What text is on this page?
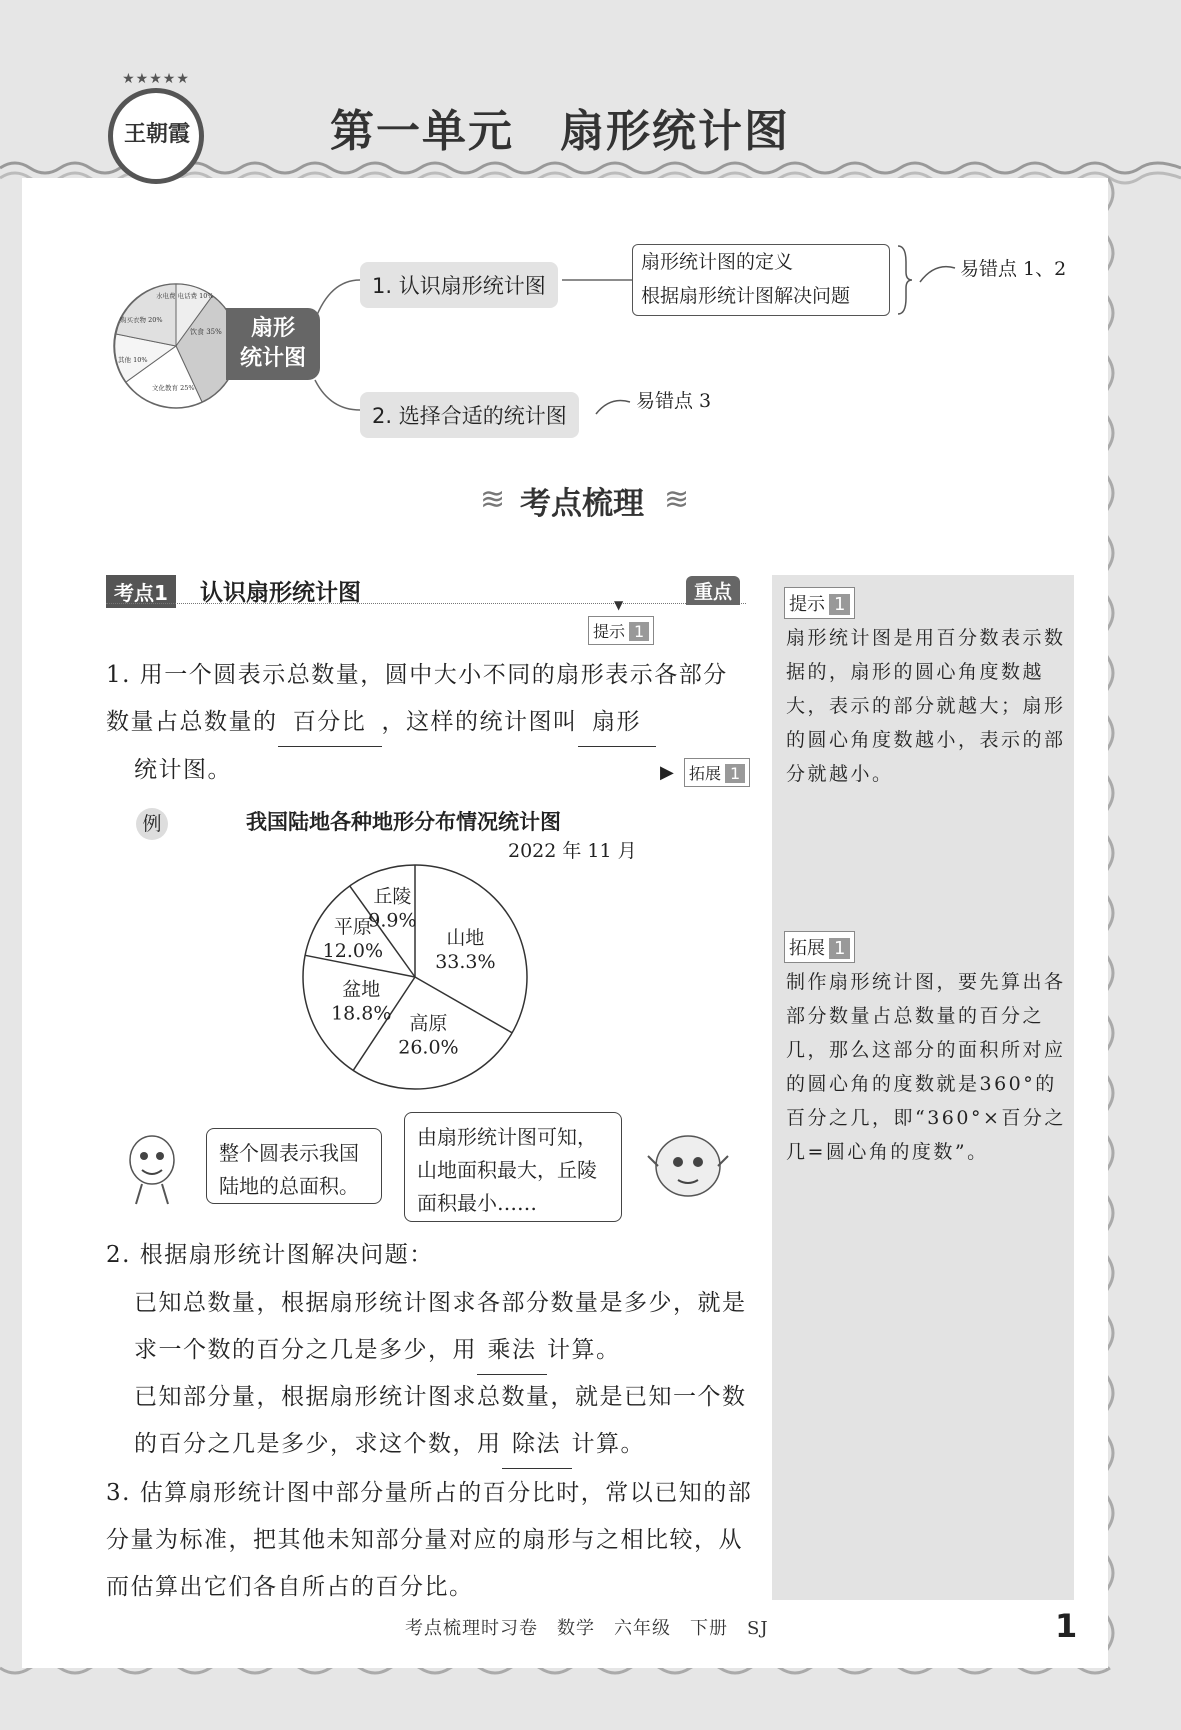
★★★★★
王朝霞	第一单元　扇形统计图
水电费 电话费 10%
饮食 35%
购买衣物 20%
其他 10%
文化教育 25%
扇形
统计图
1. 认识扇形统计图
扇形统计图的定义
根据扇形统计图解决问题
易错点 1、2
2. 选择合适的统计图
易错点 3
≋ 考点梳理 ≋
考点1	认识扇形统计图	重点
▼
提示 1
1. 用一个圆表示总数量，圆中大小不同的扇形表示各部分数量占总数量的 百分比 ，这样的统计图叫 扇形
统计图。	▶ 拓展 1
例	我国陆地各种地形分布情况统计图
2022 年 11 月
山地
33.3%
高原
26.0%
盆地
18.8%
平原
12.0%
丘陵
9.9%
整个圆表示我国陆地的总面积。
由扇形统计图可知，山地面积最大，丘陵面积最小……
2. 根据扇形统计图解决问题：
已知总数量，根据扇形统计图求各部分数量是多少，就是求一个数的百分之几是多少，用 乘法 计算。
已知部分量，根据扇形统计图求总数量，就是已知一个数的百分之几是多少，求这个数，用 除法 计算。
3. 估算扇形统计图中部分量所占的百分比时，常以已知的部分量为标准，把其他未知部分量对应的扇形与之相比较，从而估算出它们各自所占的百分比。
提示 1
扇形统计图是用百分数表示数据的，扇形的圆心角度数越大，表示的部分就越大；扇形的圆心角度数越小，表示的部分就越小。
拓展 1
制作扇形统计图，要先算出各部分数量占总数量的百分之几，那么这部分的面积所对应的圆心角的度数就是360°的百分之几，即“360°×百分之几=圆心角的度数”。
考点梳理时习卷　数学　六年级　下册　SJ	1
